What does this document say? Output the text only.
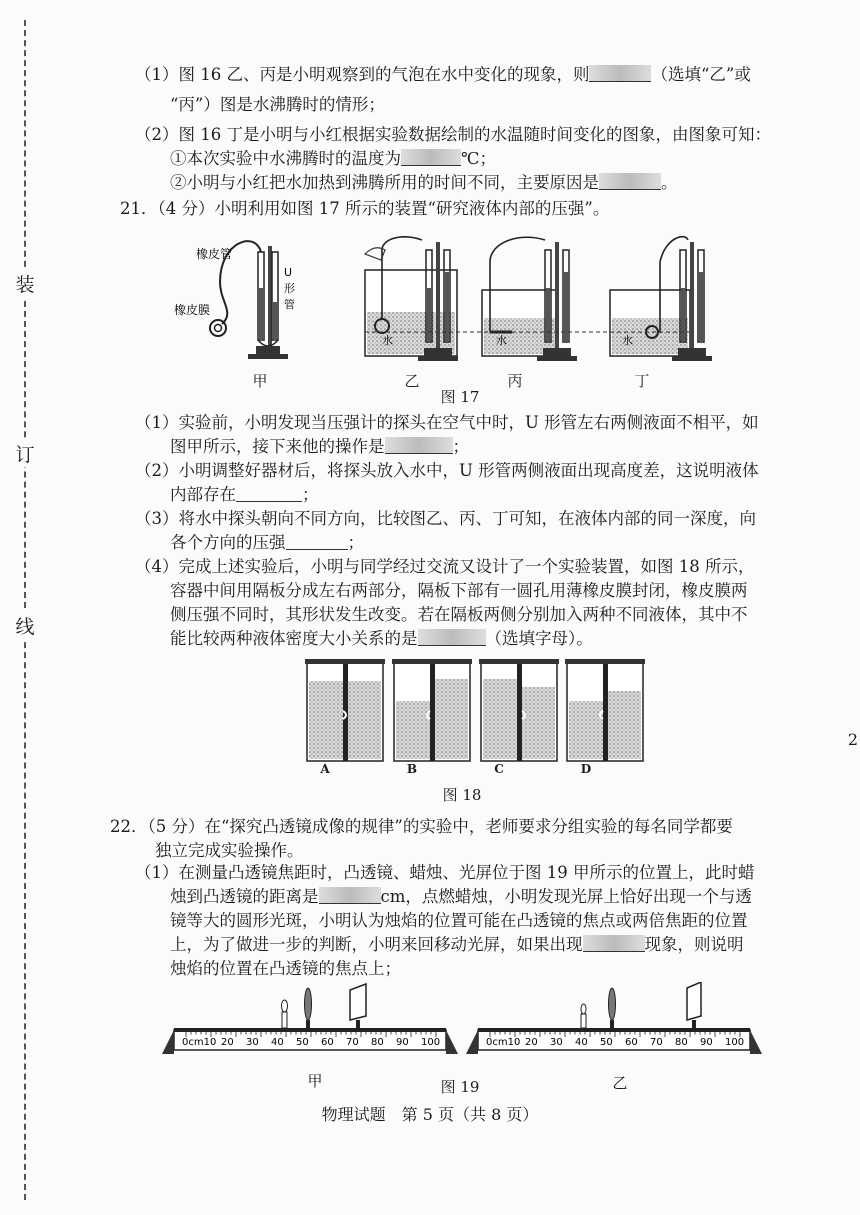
装
订
线
2
（1）图 16 乙、丙是小明观察到的气泡在水中变化的现象，则	（选填“乙”或
“丙”）图是水沸腾时的情形；
（2）图 16 丁是小明与小红根据实验数据绘制的水温随时间变化的图象，由图象可知：
①本次实验中水沸腾时的温度为	℃；
②小明与小红把水加热到沸腾所用的时间不同，主要原因是	。
21．（4 分）小明利用如图 17 所示的装置“研究液体内部的压强”。
橡皮管
橡皮膜
U
形
管
水	水	水
甲	乙	丙	丁
图 17
（1）实验前，小明发现当压强计的探头在空气中时，U 形管左右两侧液面不相平，如
图甲所示，接下来他的操作是	；
（2）小明调整好器材后，将探头放入水中，U 形管两侧液面出现高度差，这说明液体
内部存在	；
（3）将水中探头朝向不同方向，比较图乙、丙、丁可知，在液体内部的同一深度，向
各个方向的压强	；
（4）完成上述实验后，小明与同学经过交流又设计了一个实验装置，如图 18 所示，
容器中间用隔板分成左右两部分，隔板下部有一圆孔用薄橡皮膜封闭，橡皮膜两
侧压强不同时，其形状发生改变。若在隔板两侧分别加入两种不同液体，其中不
能比较两种液体密度大小关系的是	（选填字母）。
A	B	C	D
图 18
22．（5 分）在“探究凸透镜成像的规律”的实验中，老师要求分组实验的每名同学都要
独立完成实验操作。
（1）在测量凸透镜焦距时，凸透镜、蜡烛、光屏位于图 19 甲所示的位置上，此时蜡
烛到凸透镜的距离是	cm，点燃蜡烛，小明发现光屏上恰好出现一个与透
镜等大的圆形光斑，小明认为烛焰的位置可能在凸透镜的焦点或两倍焦距的位置
上，为了做进一步的判断，小明来回移动光屏，如果出现	现象，则说明
烛焰的位置在凸透镜的焦点上；
0cm10 20 30 40 50 60 70 80 90 100	0cm10 20 30 40 50 60 70 80 90 100
甲	图 19	乙
物理试题　第 5 页（共 8 页）
